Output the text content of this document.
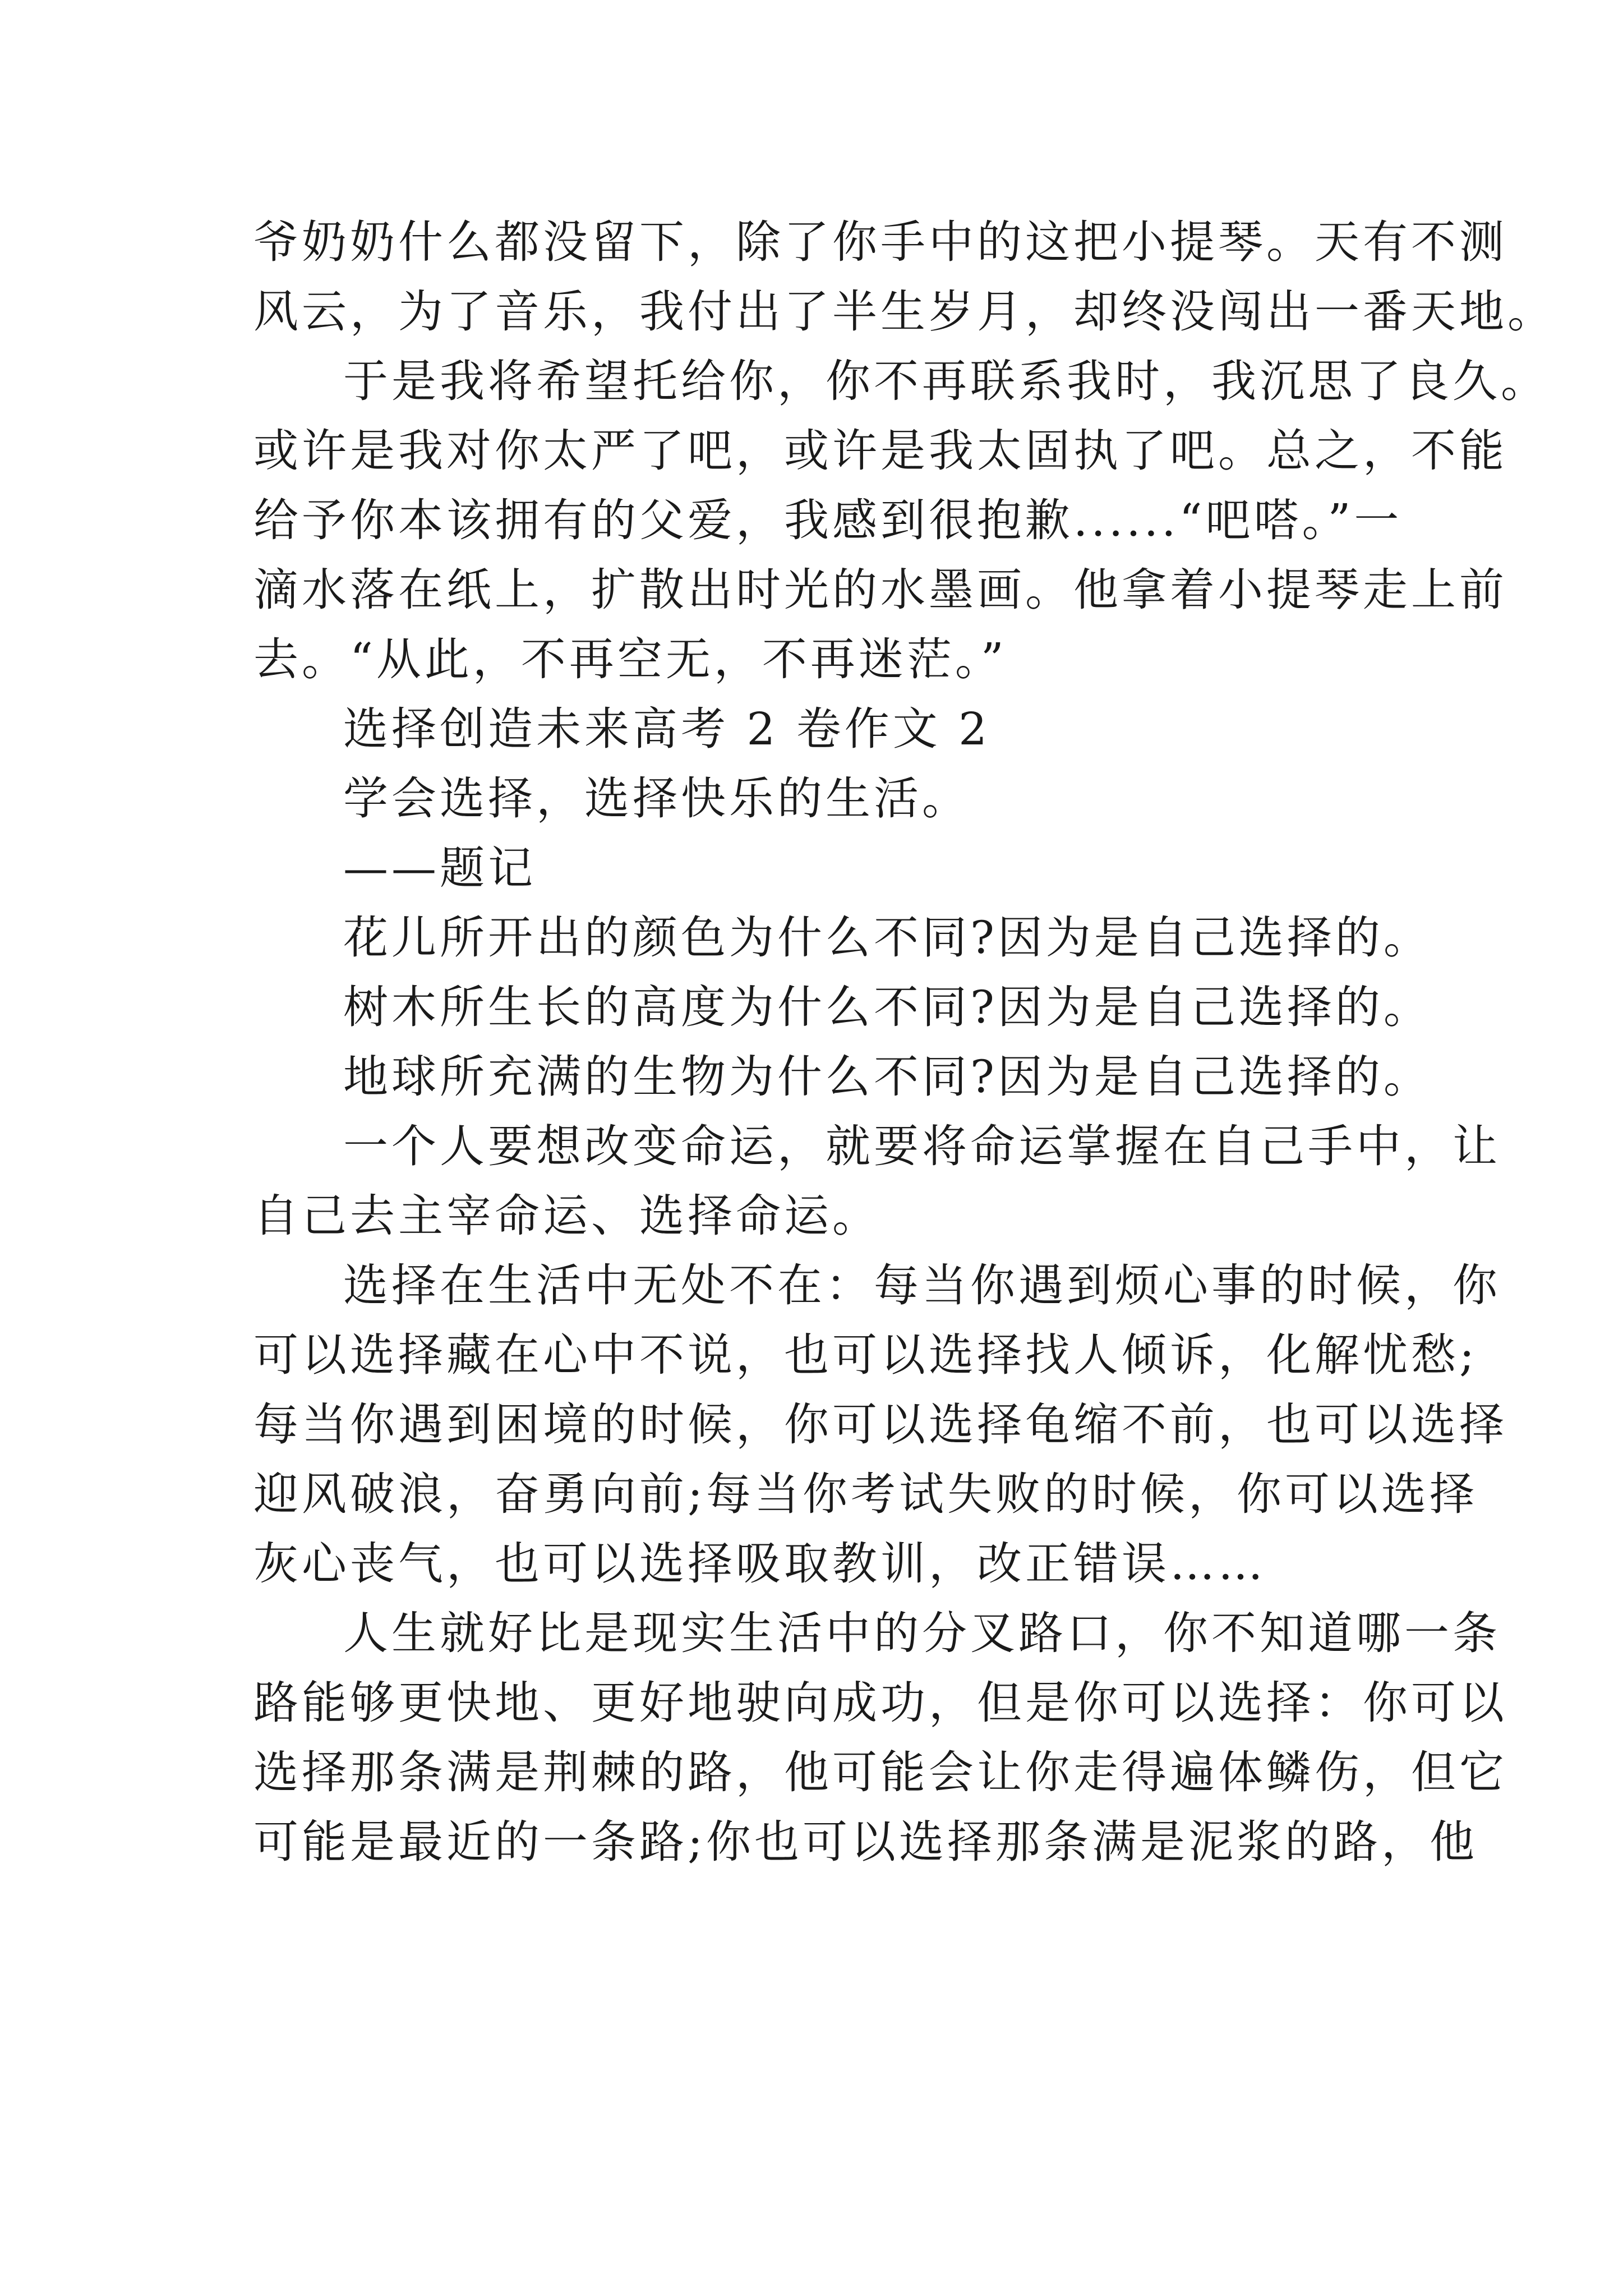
爷奶奶什么都没留下，除了你手中的这把小提琴。天有不测
风云，为了音乐，我付出了半生岁月，却终没闯出一番天地。
于是我将希望托给你，你不再联系我时，我沉思了良久。
或许是我对你太严了吧，或许是我太固执了吧。总之，不能
给予你本该拥有的父爱，我感到很抱歉......“吧嗒。”一
滴水落在纸上，扩散出时光的水墨画。他拿着小提琴走上前
去。“从此，不再空无，不再迷茫。”
选择创造未来高考 2 卷作文 2
学会选择，选择快乐的生活。
——题记
花儿所开出的颜色为什么不同?因为是自己选择的。
树木所生长的高度为什么不同?因为是自己选择的。
地球所充满的生物为什么不同?因为是自己选择的。
一个人要想改变命运，就要将命运掌握在自己手中，让
自己去主宰命运、选择命运。
选择在生活中无处不在：每当你遇到烦心事的时候，你
可以选择藏在心中不说，也可以选择找人倾诉，化解忧愁;
每当你遇到困境的时候，你可以选择龟缩不前，也可以选择
迎风破浪，奋勇向前;每当你考试失败的时候，你可以选择
灰心丧气，也可以选择吸取教训，改正错误……
人生就好比是现实生活中的分叉路口，你不知道哪一条
路能够更快地、更好地驶向成功，但是你可以选择：你可以
选择那条满是荆棘的路，他可能会让你走得遍体鳞伤，但它
可能是最近的一条路;你也可以选择那条满是泥浆的路，他
